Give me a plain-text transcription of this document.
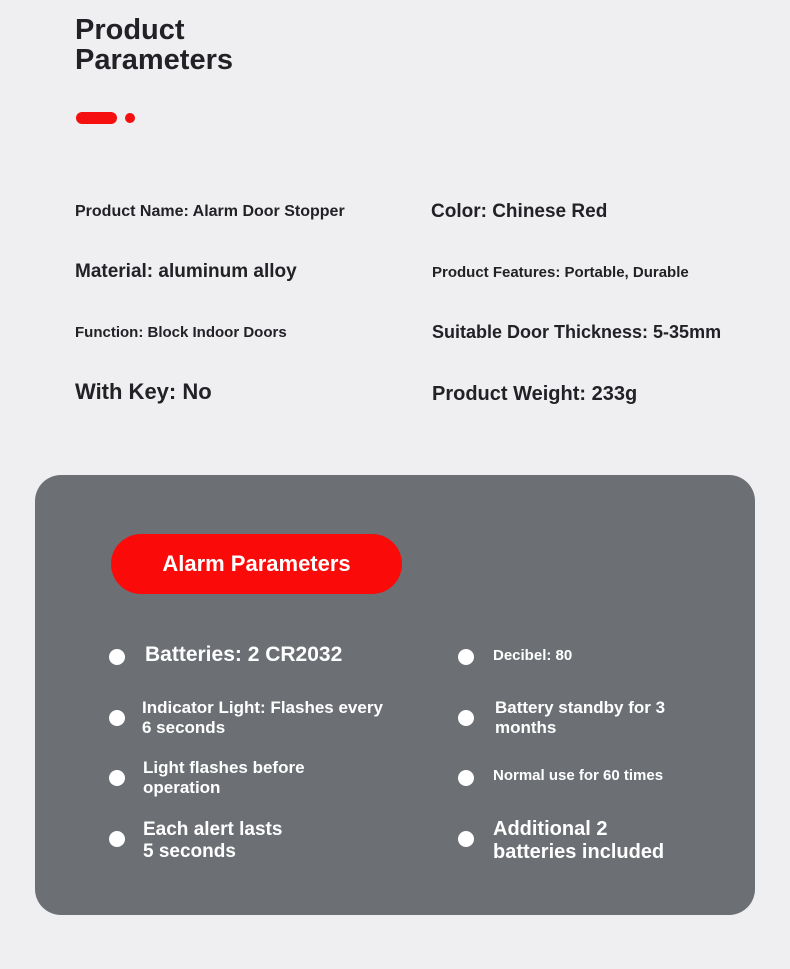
Product
Parameters
Product Name: Alarm Door Stopper
Material: aluminum alloy
Function: Block Indoor Doors
With Key: No
Color: Chinese Red
Product Features: Portable, Durable
Suitable Door Thickness: 5-35mm
Product Weight: 233g
Alarm Parameters
Batteries: 2 CR2032	Decibel: 80
Indicator Light: Flashes every
6 seconds
Battery standby for 3
months
Light flashes before
operation
Normal use for 60 times
Each alert lasts
5 seconds
Additional 2
batteries included
